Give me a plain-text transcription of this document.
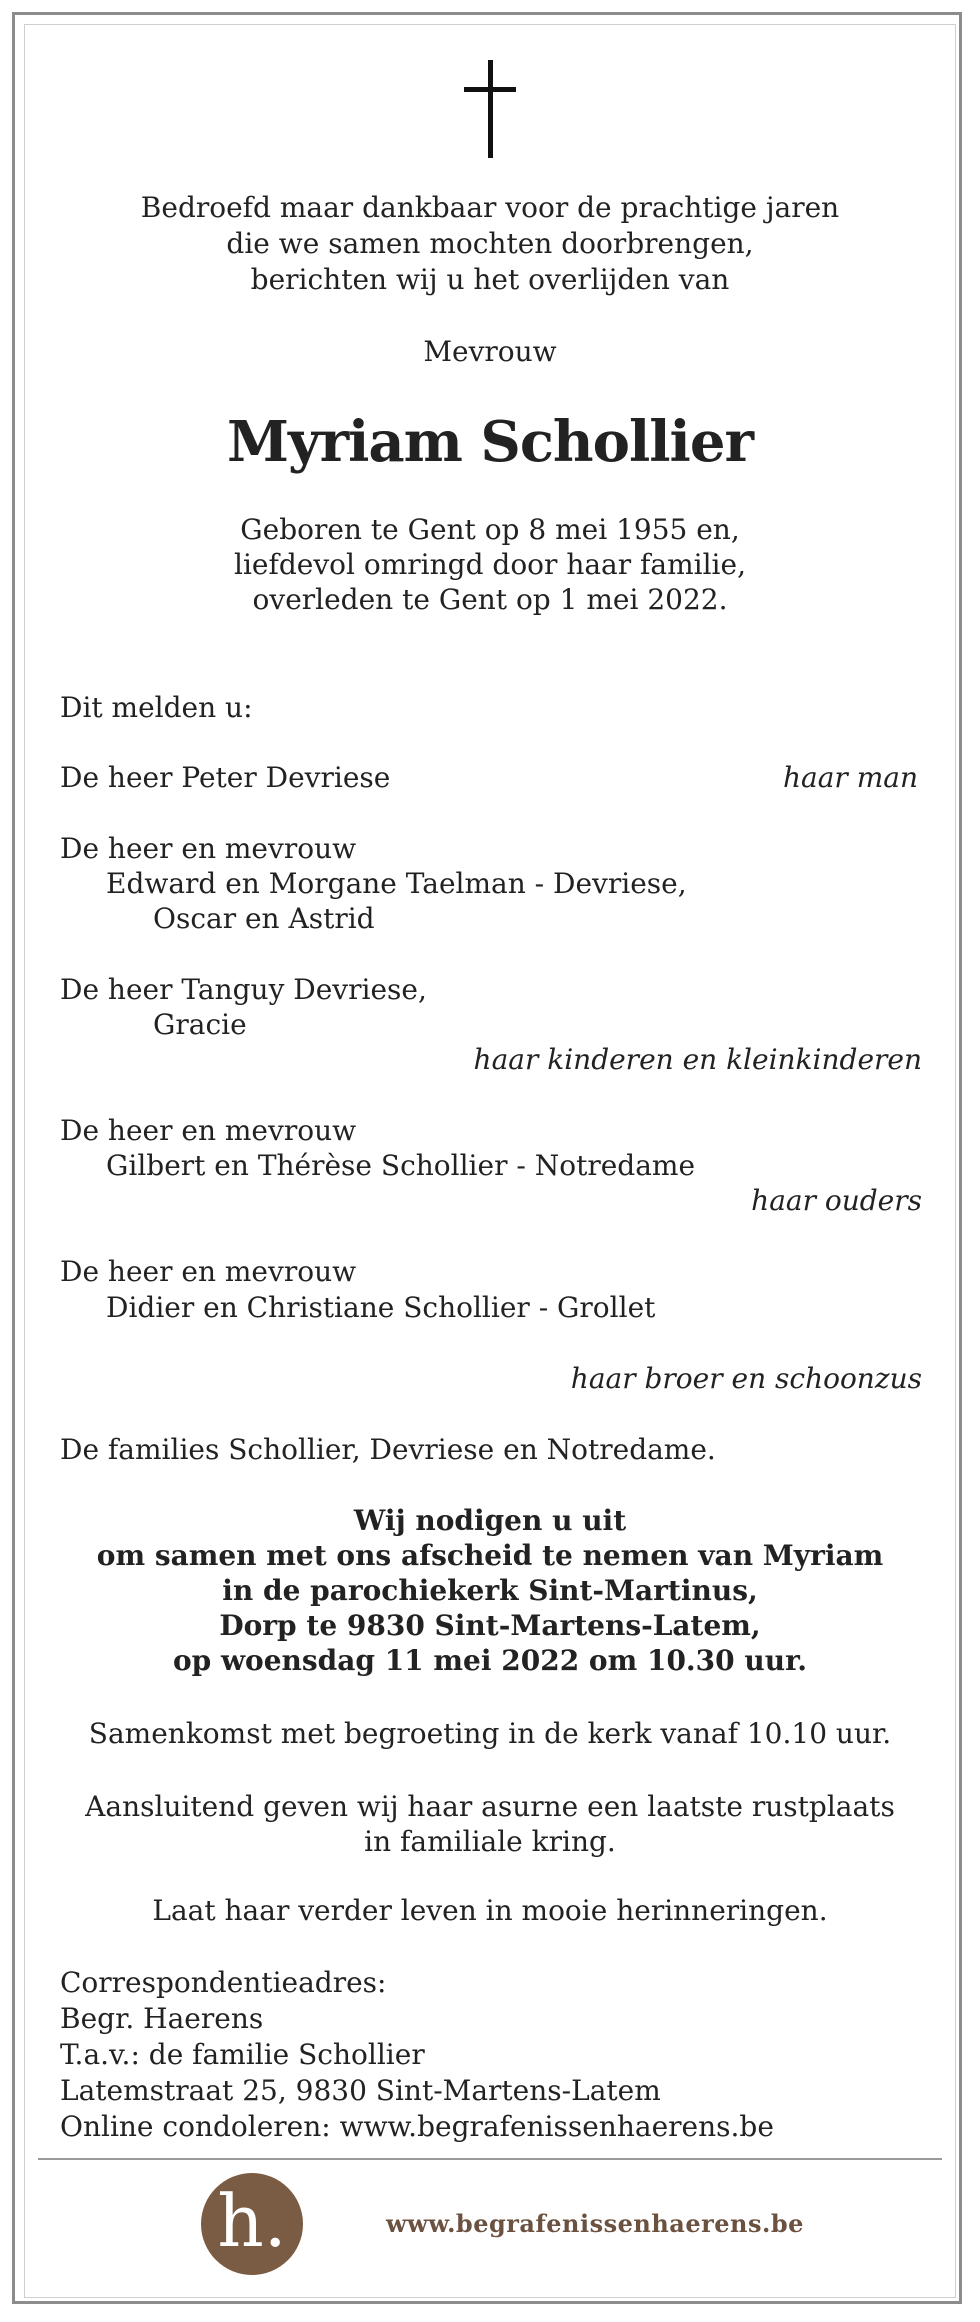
Bedroefd maar dankbaar voor de prachtige jaren
die we samen mochten doorbrengen,
berichten wij u het overlijden van
Mevrouw
Myriam Schollier
Geboren te Gent op 8 mei 1955 en,
liefdevol omringd door haar familie,
overleden te Gent op 1 mei 2022.
Dit melden u:
De heer Peter Devriese	haar man
De heer en mevrouw
Edward en Morgane Taelman - Devriese,
Oscar en Astrid
De heer Tanguy Devriese,
Gracie
haar kinderen en kleinkinderen
De heer en mevrouw
Gilbert en Thérèse Schollier - Notredame
haar ouders
De heer en mevrouw
Didier en Christiane Schollier - Grollet
haar broer en schoonzus
De families Schollier, Devriese en Notredame.
Wij nodigen u uit
om samen met ons afscheid te nemen van Myriam
in de parochiekerk Sint-Martinus,
Dorp te 9830 Sint-Martens-Latem,
op woensdag 11 mei 2022 om 10.30 uur.
Samenkomst met begroeting in de kerk vanaf 10.10 uur.
Aansluitend geven wij haar asurne een laatste rustplaats
in familiale kring.
Laat haar verder leven in mooie herinneringen.
Correspondentieadres:
Begr. Haerens
T.a.v.: de familie Schollier
Latemstraat 25, 9830 Sint-Martens-Latem
Online condoleren: www.begrafenissenhaerens.be
h.	www.begrafenissenhaerens.be
